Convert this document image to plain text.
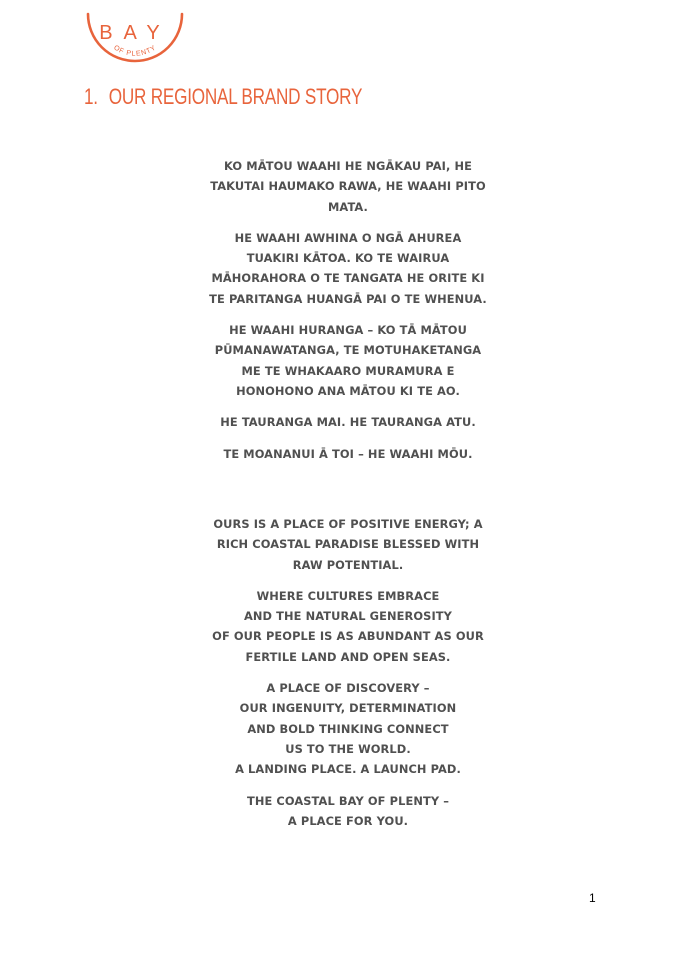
BAY
OF PLENTY
1. OUR REGIONAL BRAND STORY

KO MĀTOU WAAHI HE NGĀKAU PAI, HE
TAKUTAI HAUMAKO RAWA, HE WAAHI PITO
MATA.

HE WAAHI AWHINA O NGĀ AHUREA
TUAKIRI KĀTOA. KO TE WAIRUA
MĀHORAHORA O TE TANGATA HE ORITE KI
TE PARITANGA HUANGĀ PAI O TE WHENUA.

HE WAAHI HURANGA – KO TĀ MĀTOU
PŪMANAWATANGA, TE MOTUHAKETANGA
ME TE WHAKAARO MURAMURA E
HONOHONO ANA MĀTOU KI TE AO.

HE TAURANGA MAI. HE TAURANGA ATU.

TE MOANANUI Ā TOI – HE WAAHI MŌU.

OURS IS A PLACE OF POSITIVE ENERGY; A
RICH COASTAL PARADISE BLESSED WITH
RAW POTENTIAL.

WHERE CULTURES EMBRACE
AND THE NATURAL GENEROSITY
OF OUR PEOPLE IS AS ABUNDANT AS OUR
FERTILE LAND AND OPEN SEAS.

A PLACE OF DISCOVERY –
OUR INGENUITY, DETERMINATION
AND BOLD THINKING CONNECT
US TO THE WORLD.
A LANDING PLACE. A LAUNCH PAD.

THE COASTAL BAY OF PLENTY –
A PLACE FOR YOU.

1
